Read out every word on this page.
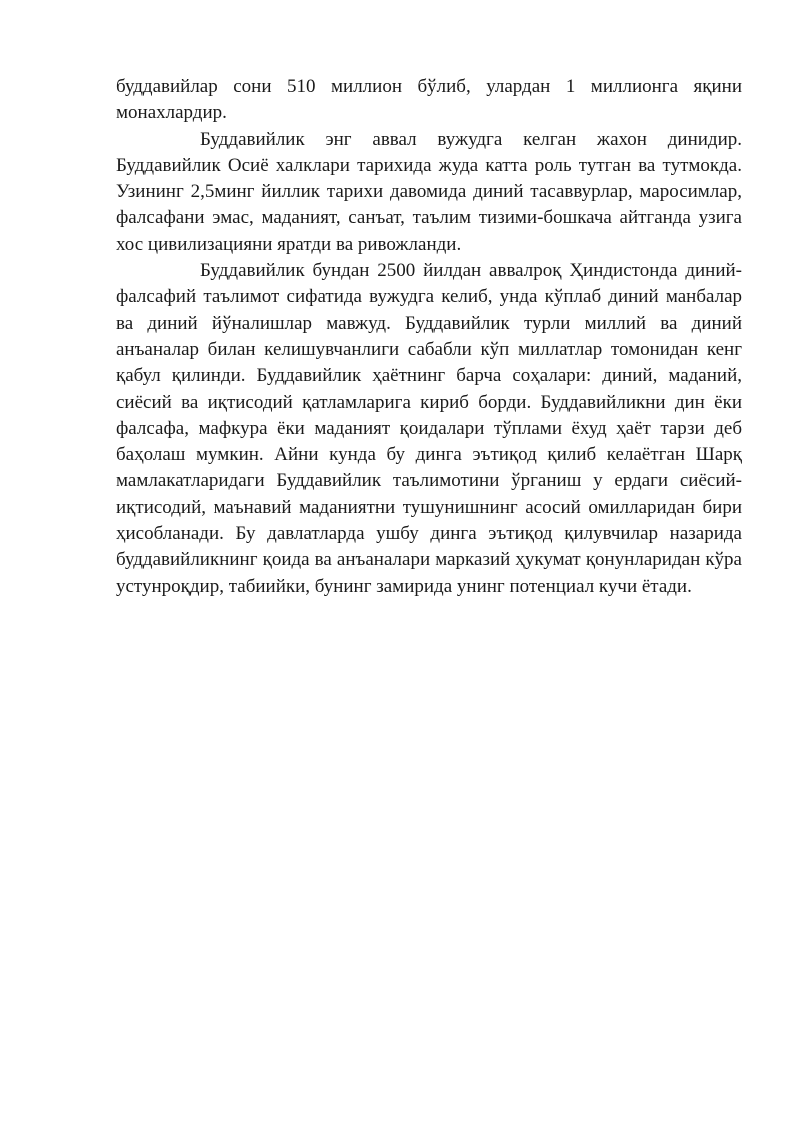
буддавийлар сони 510 миллион бўлиб, улардан 1 миллионга яқини монахлардир.

Буддавийлик энг аввал вужудга келган жахон динидир. Буддавийлик Осиё халклари тарихида жуда катта роль тутган ва тутмокда. Узининг 2,5минг йиллик тарихи давомида диний тасаввурлар, маросимлар, фалсафани эмас, маданият, санъат, таълим тизими-бошкача айтганда узига хос цивилизацияни яратди ва ривожланди.

Буддавийлик бундан 2500 йилдан аввалроқ Ҳиндистонда диний-фалсафий таълимот сифатида вужудга келиб, унда кўплаб диний манбалар ва диний йўналишлар мавжуд. Буддавийлик турли миллий ва диний анъаналар билан келишувчанлиги сабабли кўп миллатлар томонидан кенг қабул қилинди. Буддавийлик ҳаётнинг барча соҳалари: диний, маданий, сиёсий ва иқтисодий қатламларига кириб борди. Буддавийликни дин ёки фалсафа, мафкура ёки маданият қоидалари тўплами ёхуд ҳаёт тарзи деб баҳолаш мумкин. Айни кунда бу динга эътиқод қилиб келаётган Шарқ мамлакатларидаги Буддавийлик таълимотини ўрганиш у ердаги сиёсий-иқтисодий, маънавий маданиятни тушунишнинг асосий омилларидан бири ҳисобланади. Бу давлатларда ушбу динга эътиқод қилувчилар назарида буддавийликнинг қоида ва анъаналари марказий ҳукумат қонунларидан кўра устунроқдир, табиийки, бунинг замирида унинг потенциал кучи ётади.
